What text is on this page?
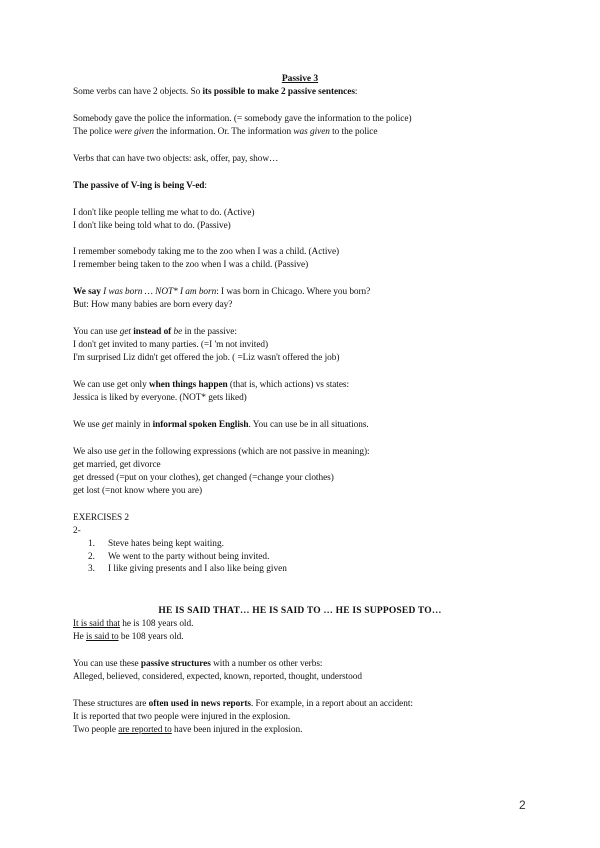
Passive 3
Some verbs can have 2 objects. So its possible to make 2 passive sentences:
Somebody gave the police the information. (= somebody gave the information to the police)
The police were given the information. Or. The information was given to the police
Verbs that can have two objects: ask, offer, pay, show…
The passive of V-ing is being V-ed:
I don't like people telling me what to do. (Active)
I don't like being told what to do. (Passive)
I remember somebody taking me to the zoo when I was a child. (Active)
I remember being taken to the zoo when I was a child. (Passive)
We say I was born … NOT* I am born: I was born in Chicago. Where you born?
But: How many babies are born every day?
You can use get instead of be in the passive:
I don't get invited to many parties. (=I 'm not invited)
I'm surprised Liz didn't get offered the job. ( =Liz wasn't offered the job)
We can use get only when things happen (that is, which actions) vs states:
Jessica is liked by everyone. (NOT* gets liked)
We use get mainly in informal spoken English. You can use be in all situations.
We also use get in the following expressions (which are not passive in meaning):
get married, get divorce
get dressed (=put on your clothes), get changed (=change your clothes)
get lost (=not know where you are)
EXERCISES 2
2-
1.	Steve hates being kept waiting.
2.	We went to the party without being invited.
3.	I like giving presents and I also like being given
HE IS SAID THAT… HE IS SAID TO … HE IS SUPPOSED TO…
It is said that he is 108 years old.
He is said to be 108 years old.
You can use these passive structures with a number os other verbs:
Alleged, believed, considered, expected, known, reported, thought, understood
These structures are often used in news reports. For example, in a report about an accident:
It is reported that two people were injured in the explosion.
Two people are reported to have been injured in the explosion.
2
